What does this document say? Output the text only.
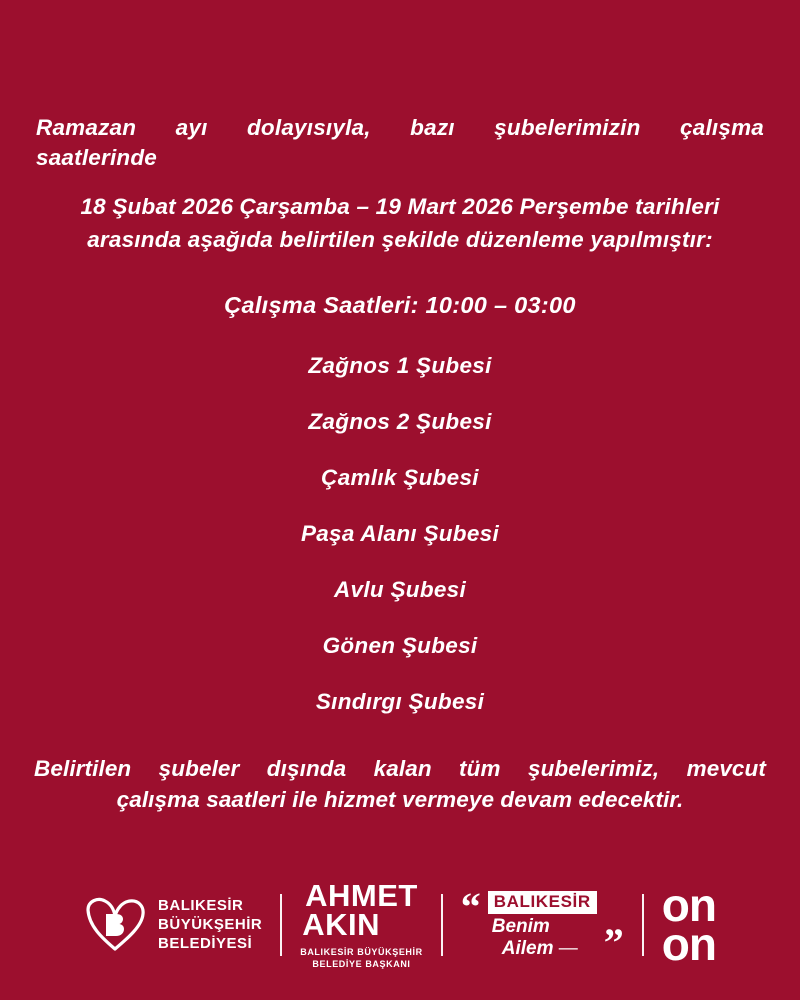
Ramazan ayı dolayısıyla, bazı şubelerimizin çalışma
saatlerinde
18 Şubat 2026 Çarşamba – 19 Mart 2026 Perşembe tarihleri
arasında aşağıda belirtilen şekilde düzenleme yapılmıştır:
Çalışma Saatleri: 10:00 – 03:00
Zağnos 1 Şubesi
Zağnos 2 Şubesi
Çamlık Şubesi
Paşa Alanı Şubesi
Avlu Şubesi
Gönen Şubesi
Sındırgı Şubesi
Belirtilen şubeler dışında kalan tüm şubelerimiz, mevcut
çalışma saatleri ile hizmet vermeye devam edecektir.
BALIKESİR
BÜYÜKŞEHİR
BELEDİYESİ
AHMET
AKIN
BALIKESİR BÜYÜKŞEHİR
BELEDİYE BAŞKANI
“ BALIKESİR
Benim
Ailem — ”
on
on
